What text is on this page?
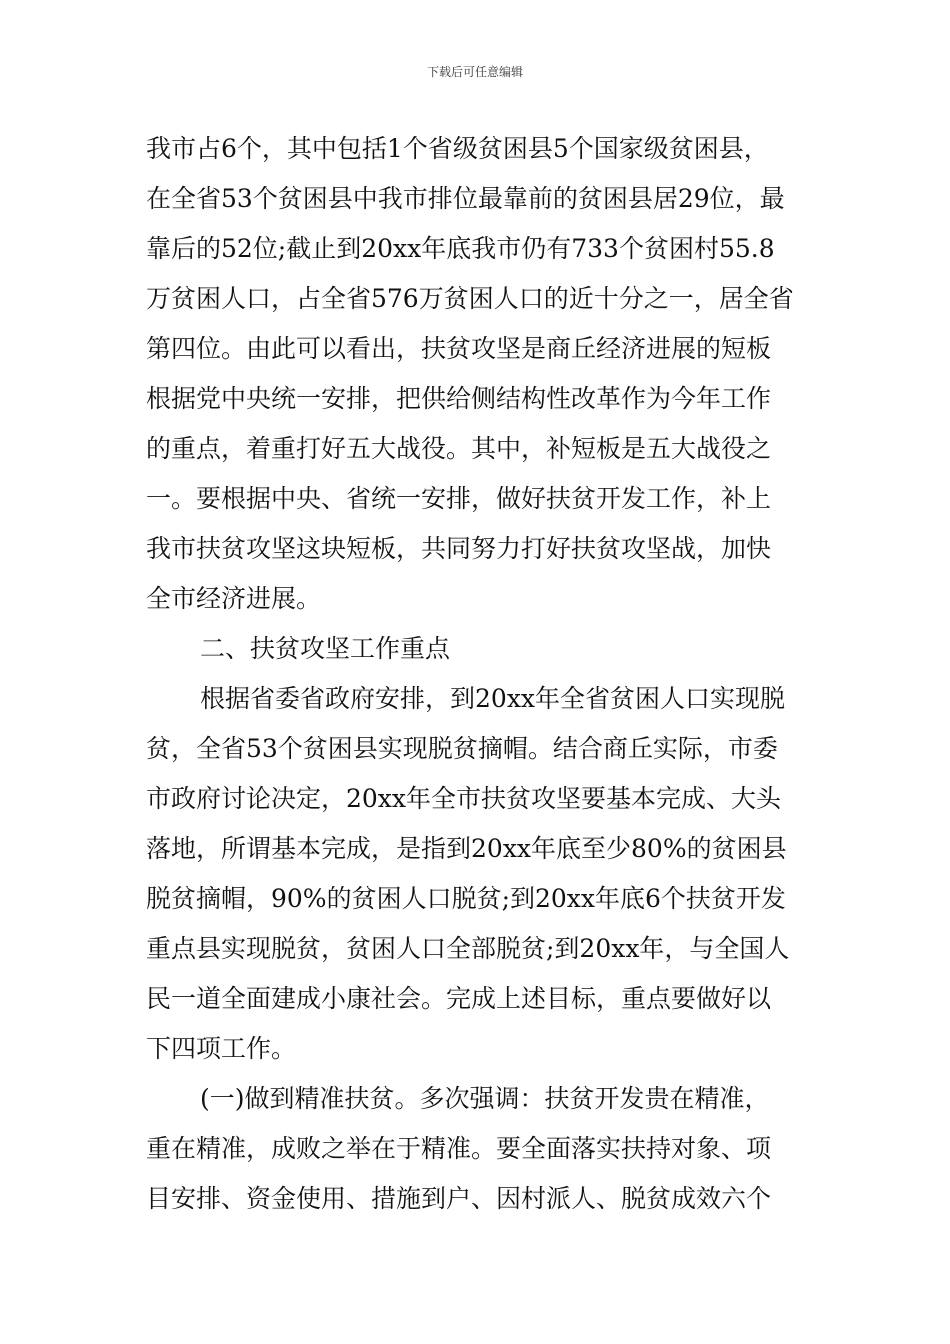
下载后可任意编辑
我市占6个，其中包括1个省级贫困县5个国家级贫困县，
在全省53个贫困县中我市排位最靠前的贫困县居29位，最
靠后的52位;截止到20xx年底我市仍有733个贫困村55.8
万贫困人口，占全省576万贫困人口的近十分之一，居全省
第四位。由此可以看出，扶贫攻坚是商丘经济进展的短板
根据党中央统一安排，把供给侧结构性改革作为今年工作
的重点，着重打好五大战役。其中，补短板是五大战役之
一。要根据中央、省统一安排，做好扶贫开发工作，补上
我市扶贫攻坚这块短板，共同努力打好扶贫攻坚战，加快
全市经济进展。
二、扶贫攻坚工作重点
根据省委省政府安排，到20xx年全省贫困人口实现脱
贫，全省53个贫困县实现脱贫摘帽。结合商丘实际，市委
市政府讨论决定，20xx年全市扶贫攻坚要基本完成、大头
落地，所谓基本完成，是指到20xx年底至少80%的贫困县
脱贫摘帽，90%的贫困人口脱贫;到20xx年底6个扶贫开发
重点县实现脱贫，贫困人口全部脱贫;到20xx年，与全国人
民一道全面建成小康社会。完成上述目标，重点要做好以
下四项工作。
(一)做到精准扶贫。多次强调：扶贫开发贵在精准，
重在精准，成败之举在于精准。要全面落实扶持对象、项
目安排、资金使用、措施到户、因村派人、脱贫成效六个
